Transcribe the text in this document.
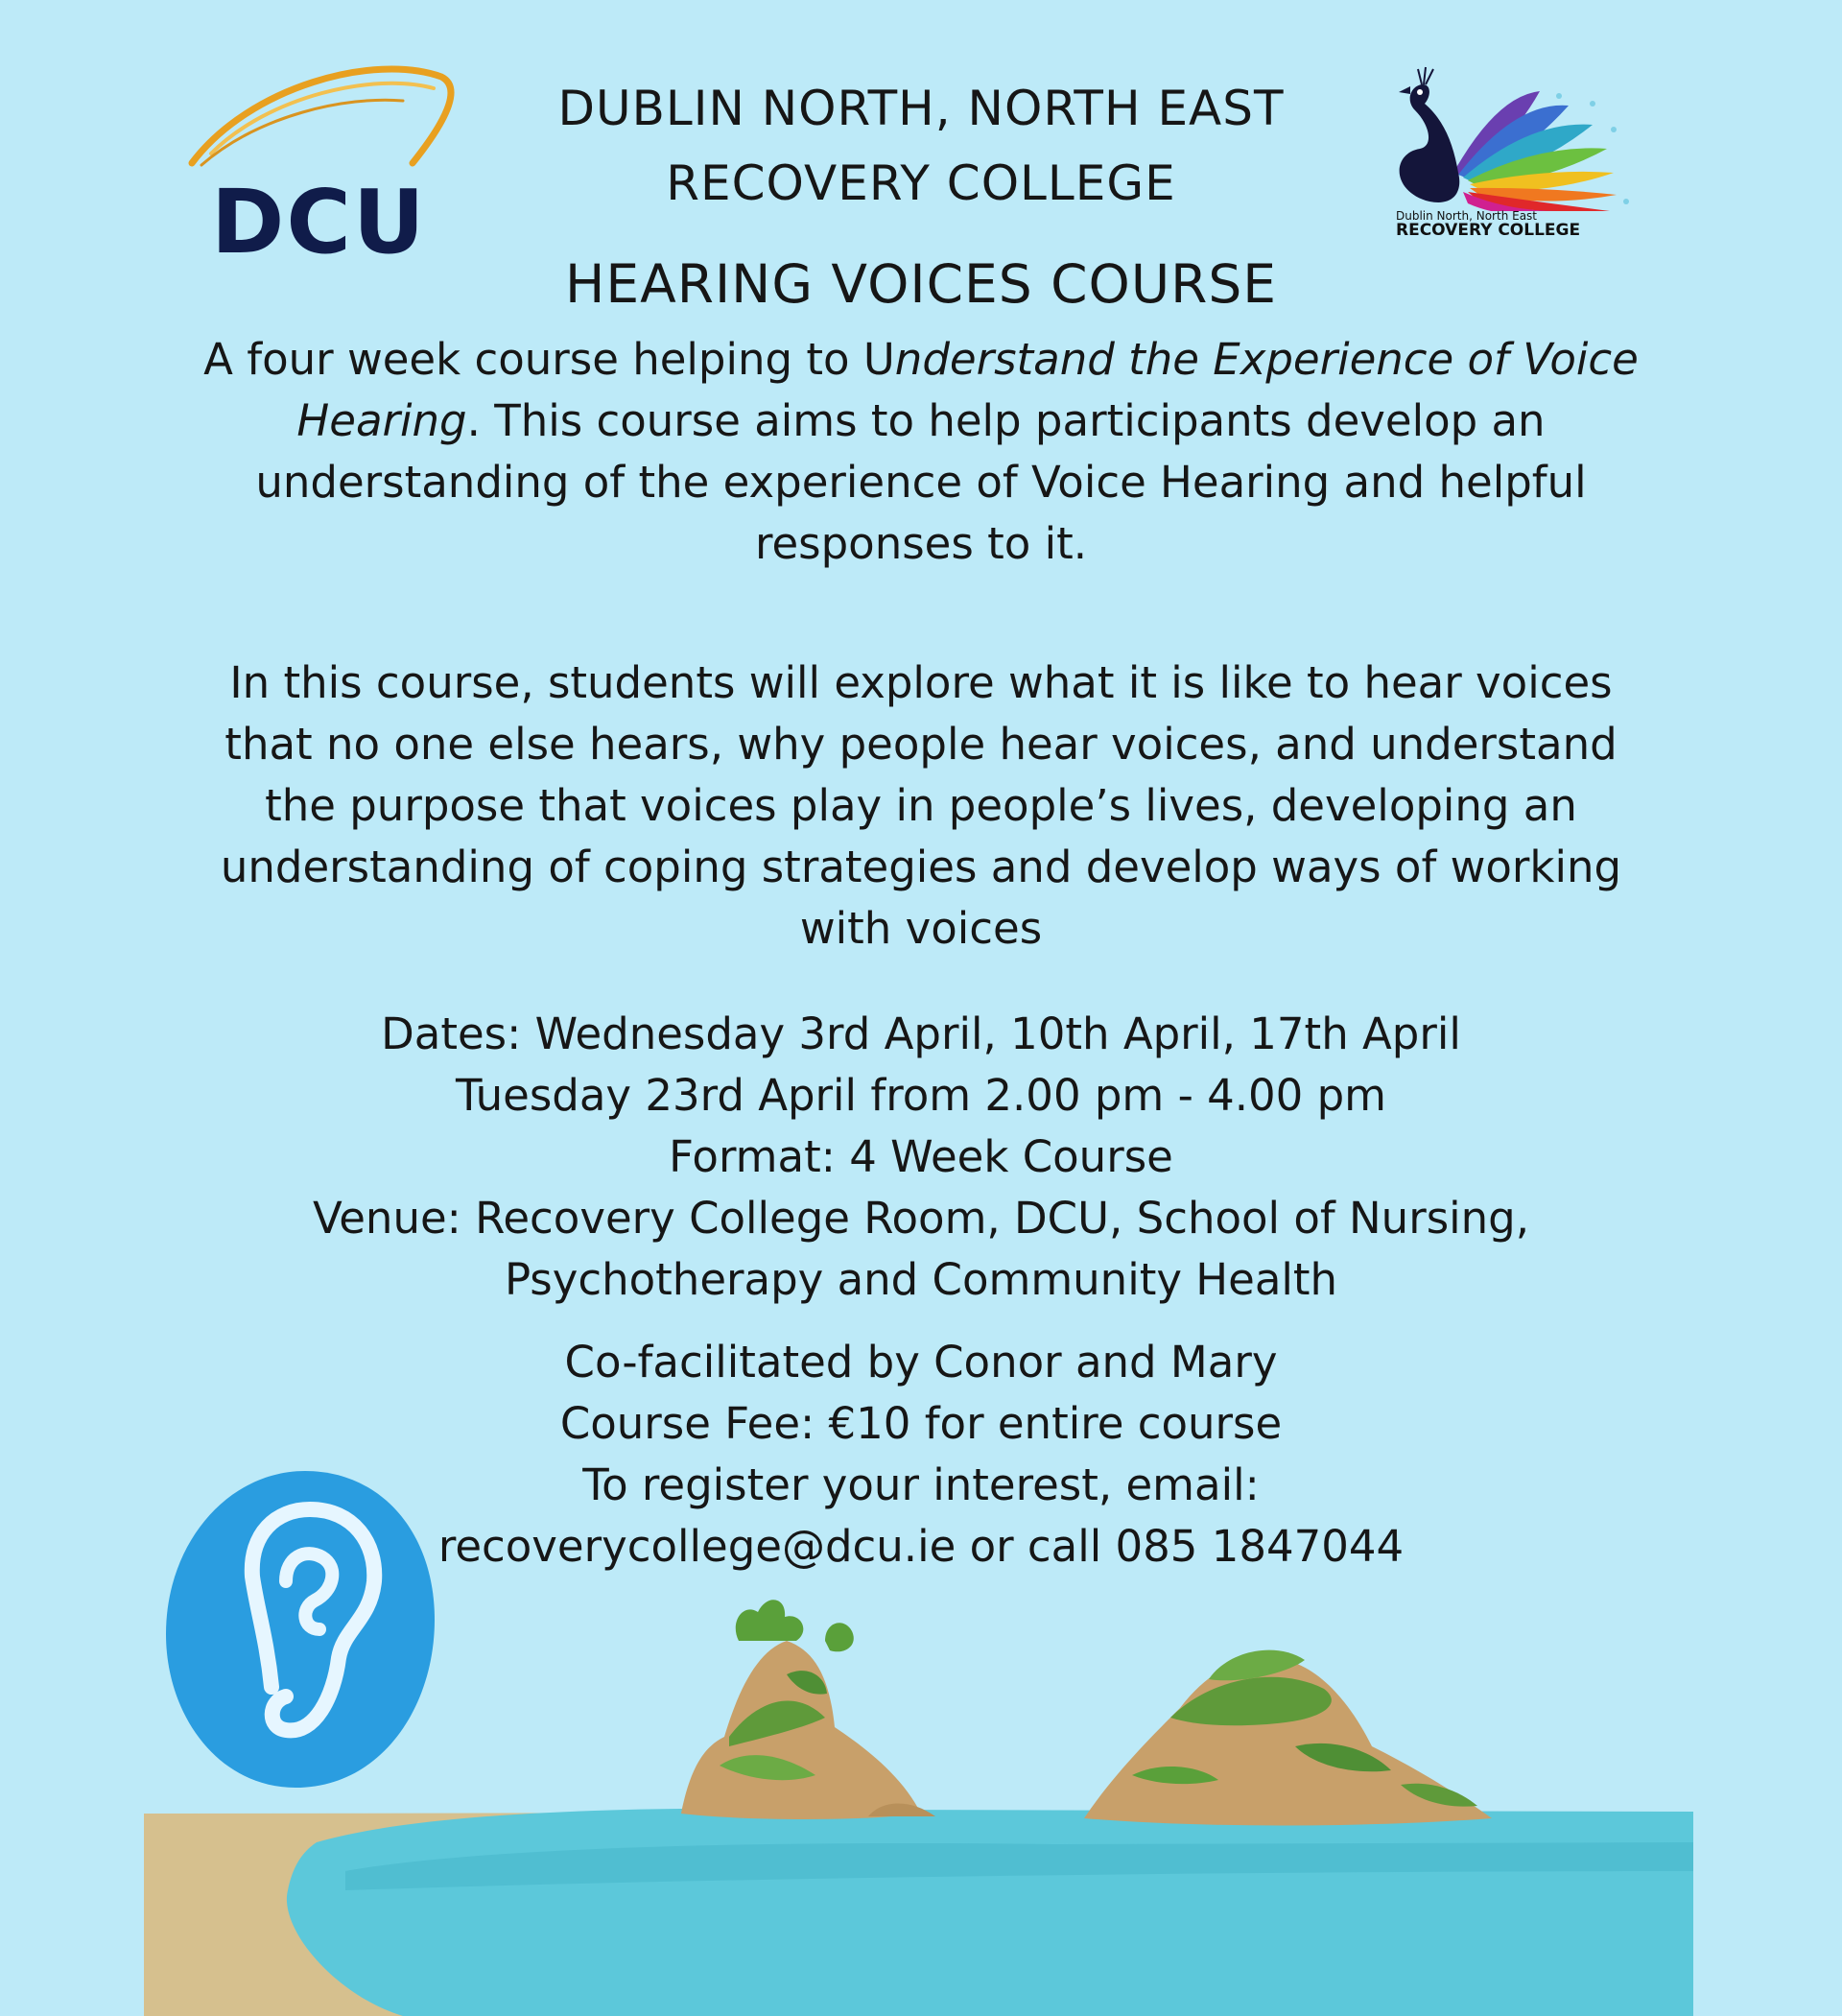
DCU
DUBLIN NORTH, NORTH EAST
RECOVERY COLLEGE
Dublin North, North East
RECOVERY COLLEGE
HEARING VOICES COURSE
A four week course helping to Understand the Experience of Voice Hearing. This course aims to help participants develop an understanding of the experience of Voice Hearing and helpful responses to it.
In this course, students will explore what it is like to hear voices that no one else hears, why people hear voices, and understand the purpose that voices play in people’s lives, developing an understanding of coping strategies and develop ways of working with voices
Dates: Wednesday 3rd April, 10th April, 17th April
Tuesday 23rd April from 2.00 pm - 4.00 pm
Format: 4 Week Course
Venue: Recovery College Room, DCU, School of Nursing,
Psychotherapy and Community Health
Co-facilitated by Conor and Mary
Course Fee: €10 for entire course
To register your interest, email:
recoverycollege@dcu.ie or call 085 1847044
